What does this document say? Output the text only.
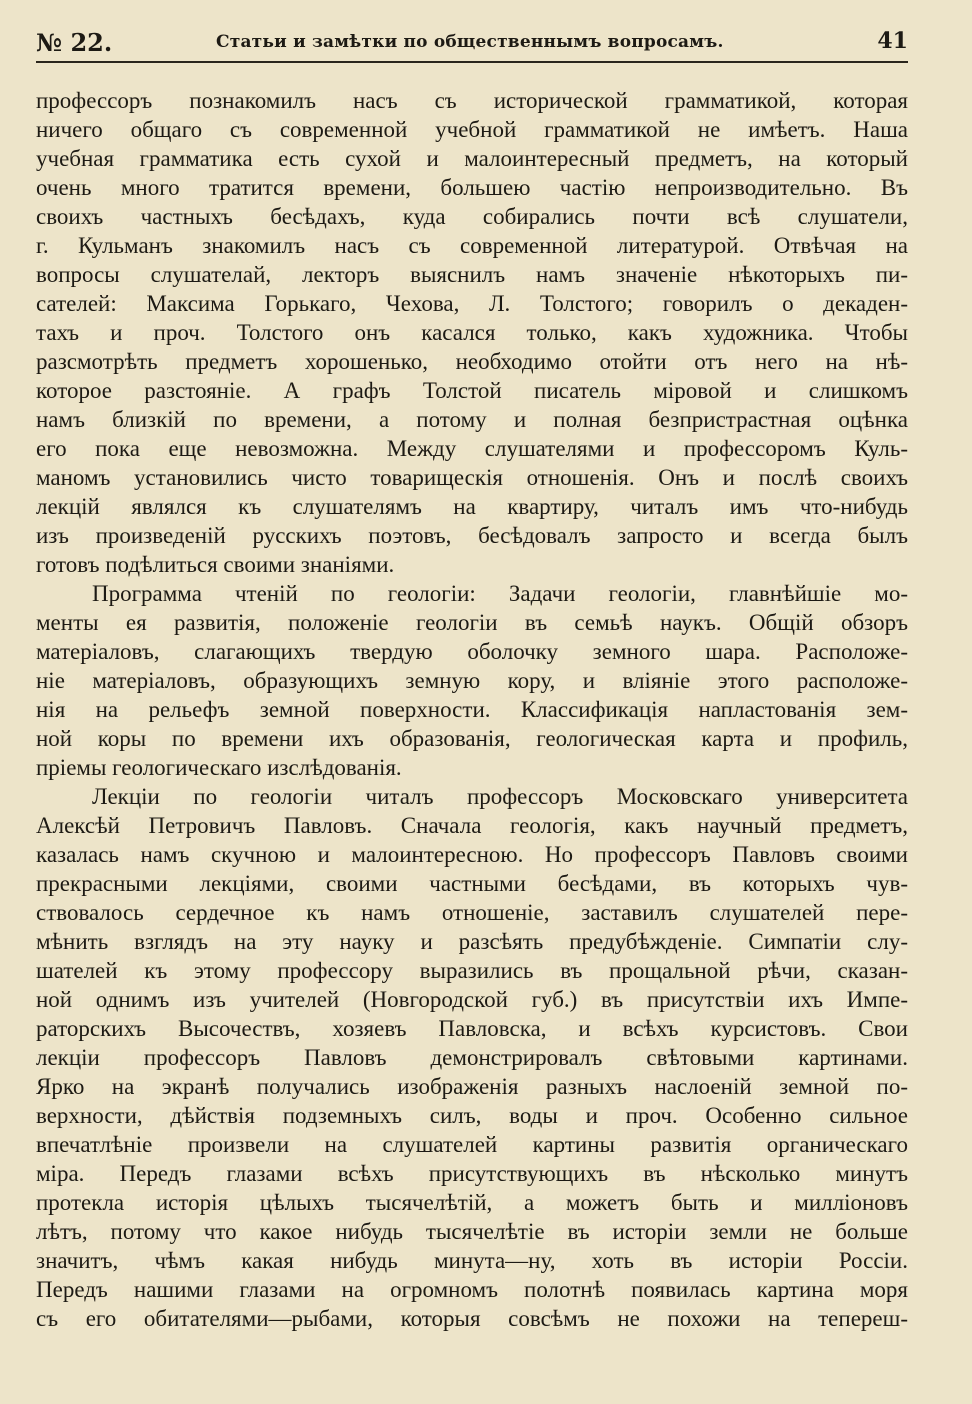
№ 22.	Статьи и замѣтки по общественнымъ вопросамъ.	41
профессоръ познакомилъ насъ съ исторической грамматикой, которая
ничего общаго съ современной учебной грамматикой не имѣетъ. Наша
учебная грамматика есть сухой и малоинтересный предметъ, на который
очень много тратится времени, большею частію непроизводительно. Въ
своихъ частныхъ бесѣдахъ, куда собирались почти всѣ слушатели,
г. Кульманъ знакомилъ насъ съ современной литературой. Отвѣчая на
вопросы слушателай, лекторъ выяснилъ намъ значеніе нѣкоторыхъ пи-
сателей: Максима Горькаго, Чехова, Л. Толстого; говорилъ о декаден-
тахъ и проч. Толстого онъ касался только, какъ художника. Чтобы
разсмотрѣть предметъ хорошенько, необходимо отойти отъ него на нѣ-
которое разстояніе. А графъ Толстой писатель міровой и слишкомъ
намъ близкій по времени, а потому и полная безпристрастная оцѣнка
его пока еще невозможна. Между слушателями и профессоромъ Куль-
маномъ установились чисто товарищескія отношенія. Онъ и послѣ своихъ
лекцій являлся къ слушателямъ на квартиру, читалъ имъ что-нибудь
изъ произведеній русскихъ поэтовъ, бесѣдовалъ запросто и всегда былъ
готовъ подѣлиться своими знаніями.
Программа чтеній по геологіи: Задачи геологіи, главнѣйшіе мо-
менты ея развитія, положеніе геологіи въ семьѣ наукъ. Общій обзоръ
матеріаловъ, слагающихъ твердую оболочку земного шара. Расположе-
ніе матеріаловъ, образующихъ земную кору, и вліяніе этого расположе-
нія на рельефъ земной поверхности. Классификація напластованія зем-
ной коры по времени ихъ образованія, геологическая карта и профиль,
пріемы геологическаго изслѣдованія.
Лекціи по геологіи читалъ профессоръ Московскаго университета
Алексѣй Петровичъ Павловъ. Сначала геологія, какъ научный предметъ,
казалась намъ скучною и малоинтересною. Но профессоръ Павловъ своими
прекрасными лекціями, своими частными бесѣдами, въ которыхъ чув-
ствовалось сердечное къ намъ отношеніе, заставилъ слушателей пере-
мѣнить взглядъ на эту науку и разсѣять предубѣжденіе. Симпатіи слу-
шателей къ этому профессору выразились въ прощальной рѣчи, сказан-
ной однимъ изъ учителей (Новгородской губ.) въ присутствіи ихъ Импе-
раторскихъ Высочествъ, хозяевъ Павловска, и всѣхъ курсистовъ. Свои
лекціи профессоръ Павловъ демонстрировалъ свѣтовыми картинами.
Ярко на экранѣ получались изображенія разныхъ наслоеній земной по-
верхности, дѣйствія подземныхъ силъ, воды и проч. Особенно сильное
впечатлѣніе произвели на слушателей картины развитія органическаго
міра. Передъ глазами всѣхъ присутствующихъ въ нѣсколько минутъ
протекла исторія цѣлыхъ тысячелѣтій, а можетъ быть и милліоновъ
лѣтъ, потому что какое нибудь тысячелѣтіе въ исторіи земли не больше
значитъ, чѣмъ какая нибудь минута—ну, хоть въ исторіи Россіи.
Передъ нашими глазами на огромномъ полотнѣ появилась картина моря
съ его обитателями—рыбами, которыя совсѣмъ не похожи на тепереш-
